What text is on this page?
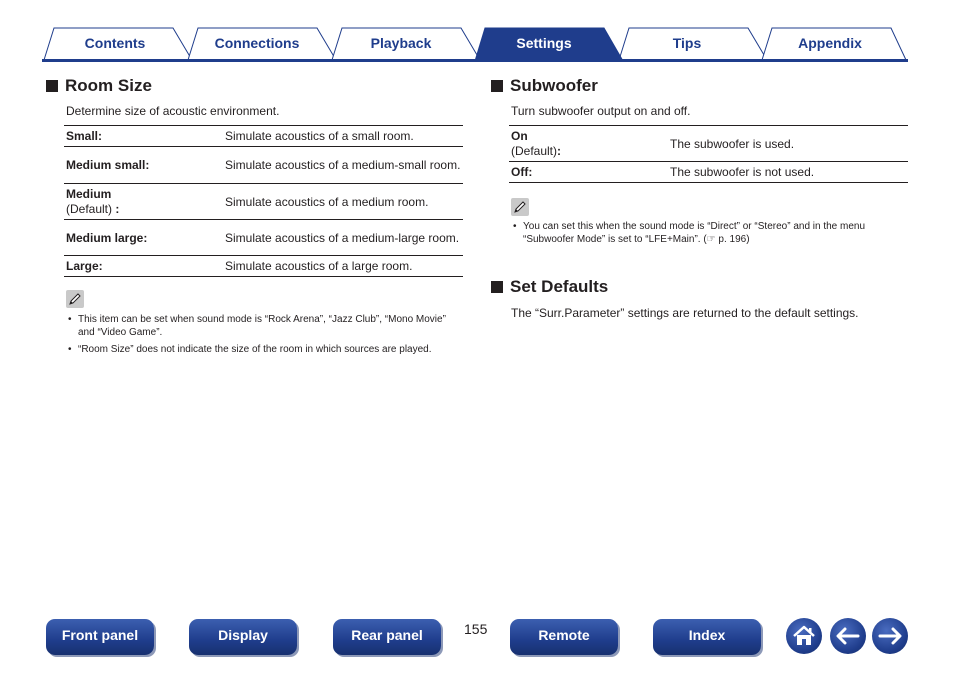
Contents	Connections	Playback	Settings	Tips	Appendix
Room Size
Determine size of acoustic environment.
Small:	Simulate acoustics of a small room.
Medium small:	Simulate acoustics of a medium-small room.
Medium
(Default) :	Simulate acoustics of a medium room.
Medium large:	Simulate acoustics of a medium-large room.
Large:	Simulate acoustics of a large room.
• This item can be set when sound mode is “Rock Arena”, “Jazz Club”, “Mono Movie” and “Video Game”.
• “Room Size” does not indicate the size of the room in which sources are played.
Subwoofer
Turn subwoofer output on and off.
On
(Default):	The subwoofer is used.
Off:	The subwoofer is not used.
• You can set this when the sound mode is “Direct” or “Stereo” and in the menu “Subwoofer Mode” is set to “LFE+Main”. (☞ p. 196)
Set Defaults
The “Surr.Parameter” settings are returned to the default settings.
Front panel	Display	Rear panel	155	Remote	Index
